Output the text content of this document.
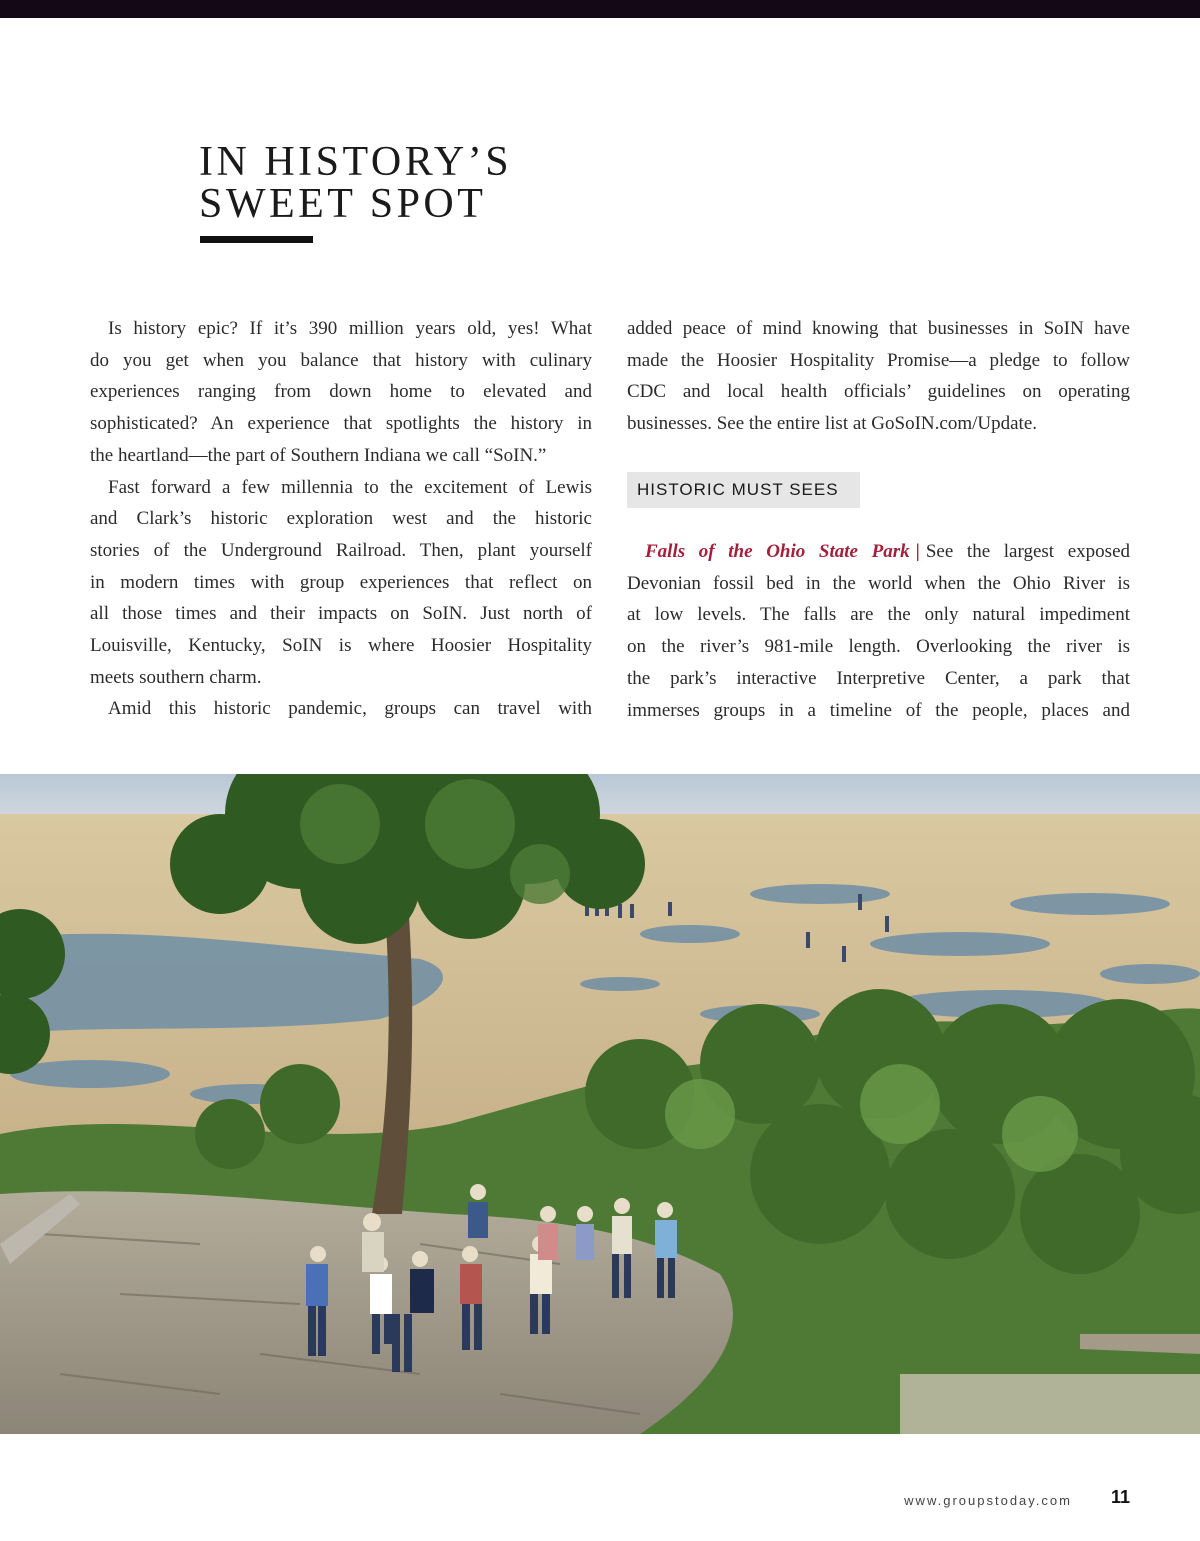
IN HISTORY’S
SWEET SPOT

Is history epic? If it’s 390 million years old, yes! What

do you get when you balance that history with culinary

experiences ranging from down home to elevated and

sophisticated? An experience that spotlights the history in

the heartland—the part of Southern Indiana we call “SoIN.”

Fast forward a few millennia to the excitement of Lewis

and Clark’s historic exploration west and the historic

stories of the Underground Railroad. Then, plant yourself

in modern times with group experiences that reflect on

all those times and their impacts on SoIN. Just north of

Louisville, Kentucky, SoIN is where Hoosier Hospitality

meets southern charm.

Amid this historic pandemic, groups can travel with

added peace of mind knowing that businesses in SoIN have

made the Hoosier Hospitality Promise—a pledge to follow

CDC and local health officials’ guidelines on operating

businesses. See the entire list at GoSoIN.com/Update.

HISTORIC MUST SEES

Falls of the Ohio State Park | See the largest exposed

Devonian fossil bed in the world when the Ohio River is

at low levels. The falls are the only natural impediment

on the river’s 981-mile length. Overlooking the river is

the park’s interactive Interpretive Center, a park that

immerses groups in a timeline of the people, places and

www.groupstoday.com 11
